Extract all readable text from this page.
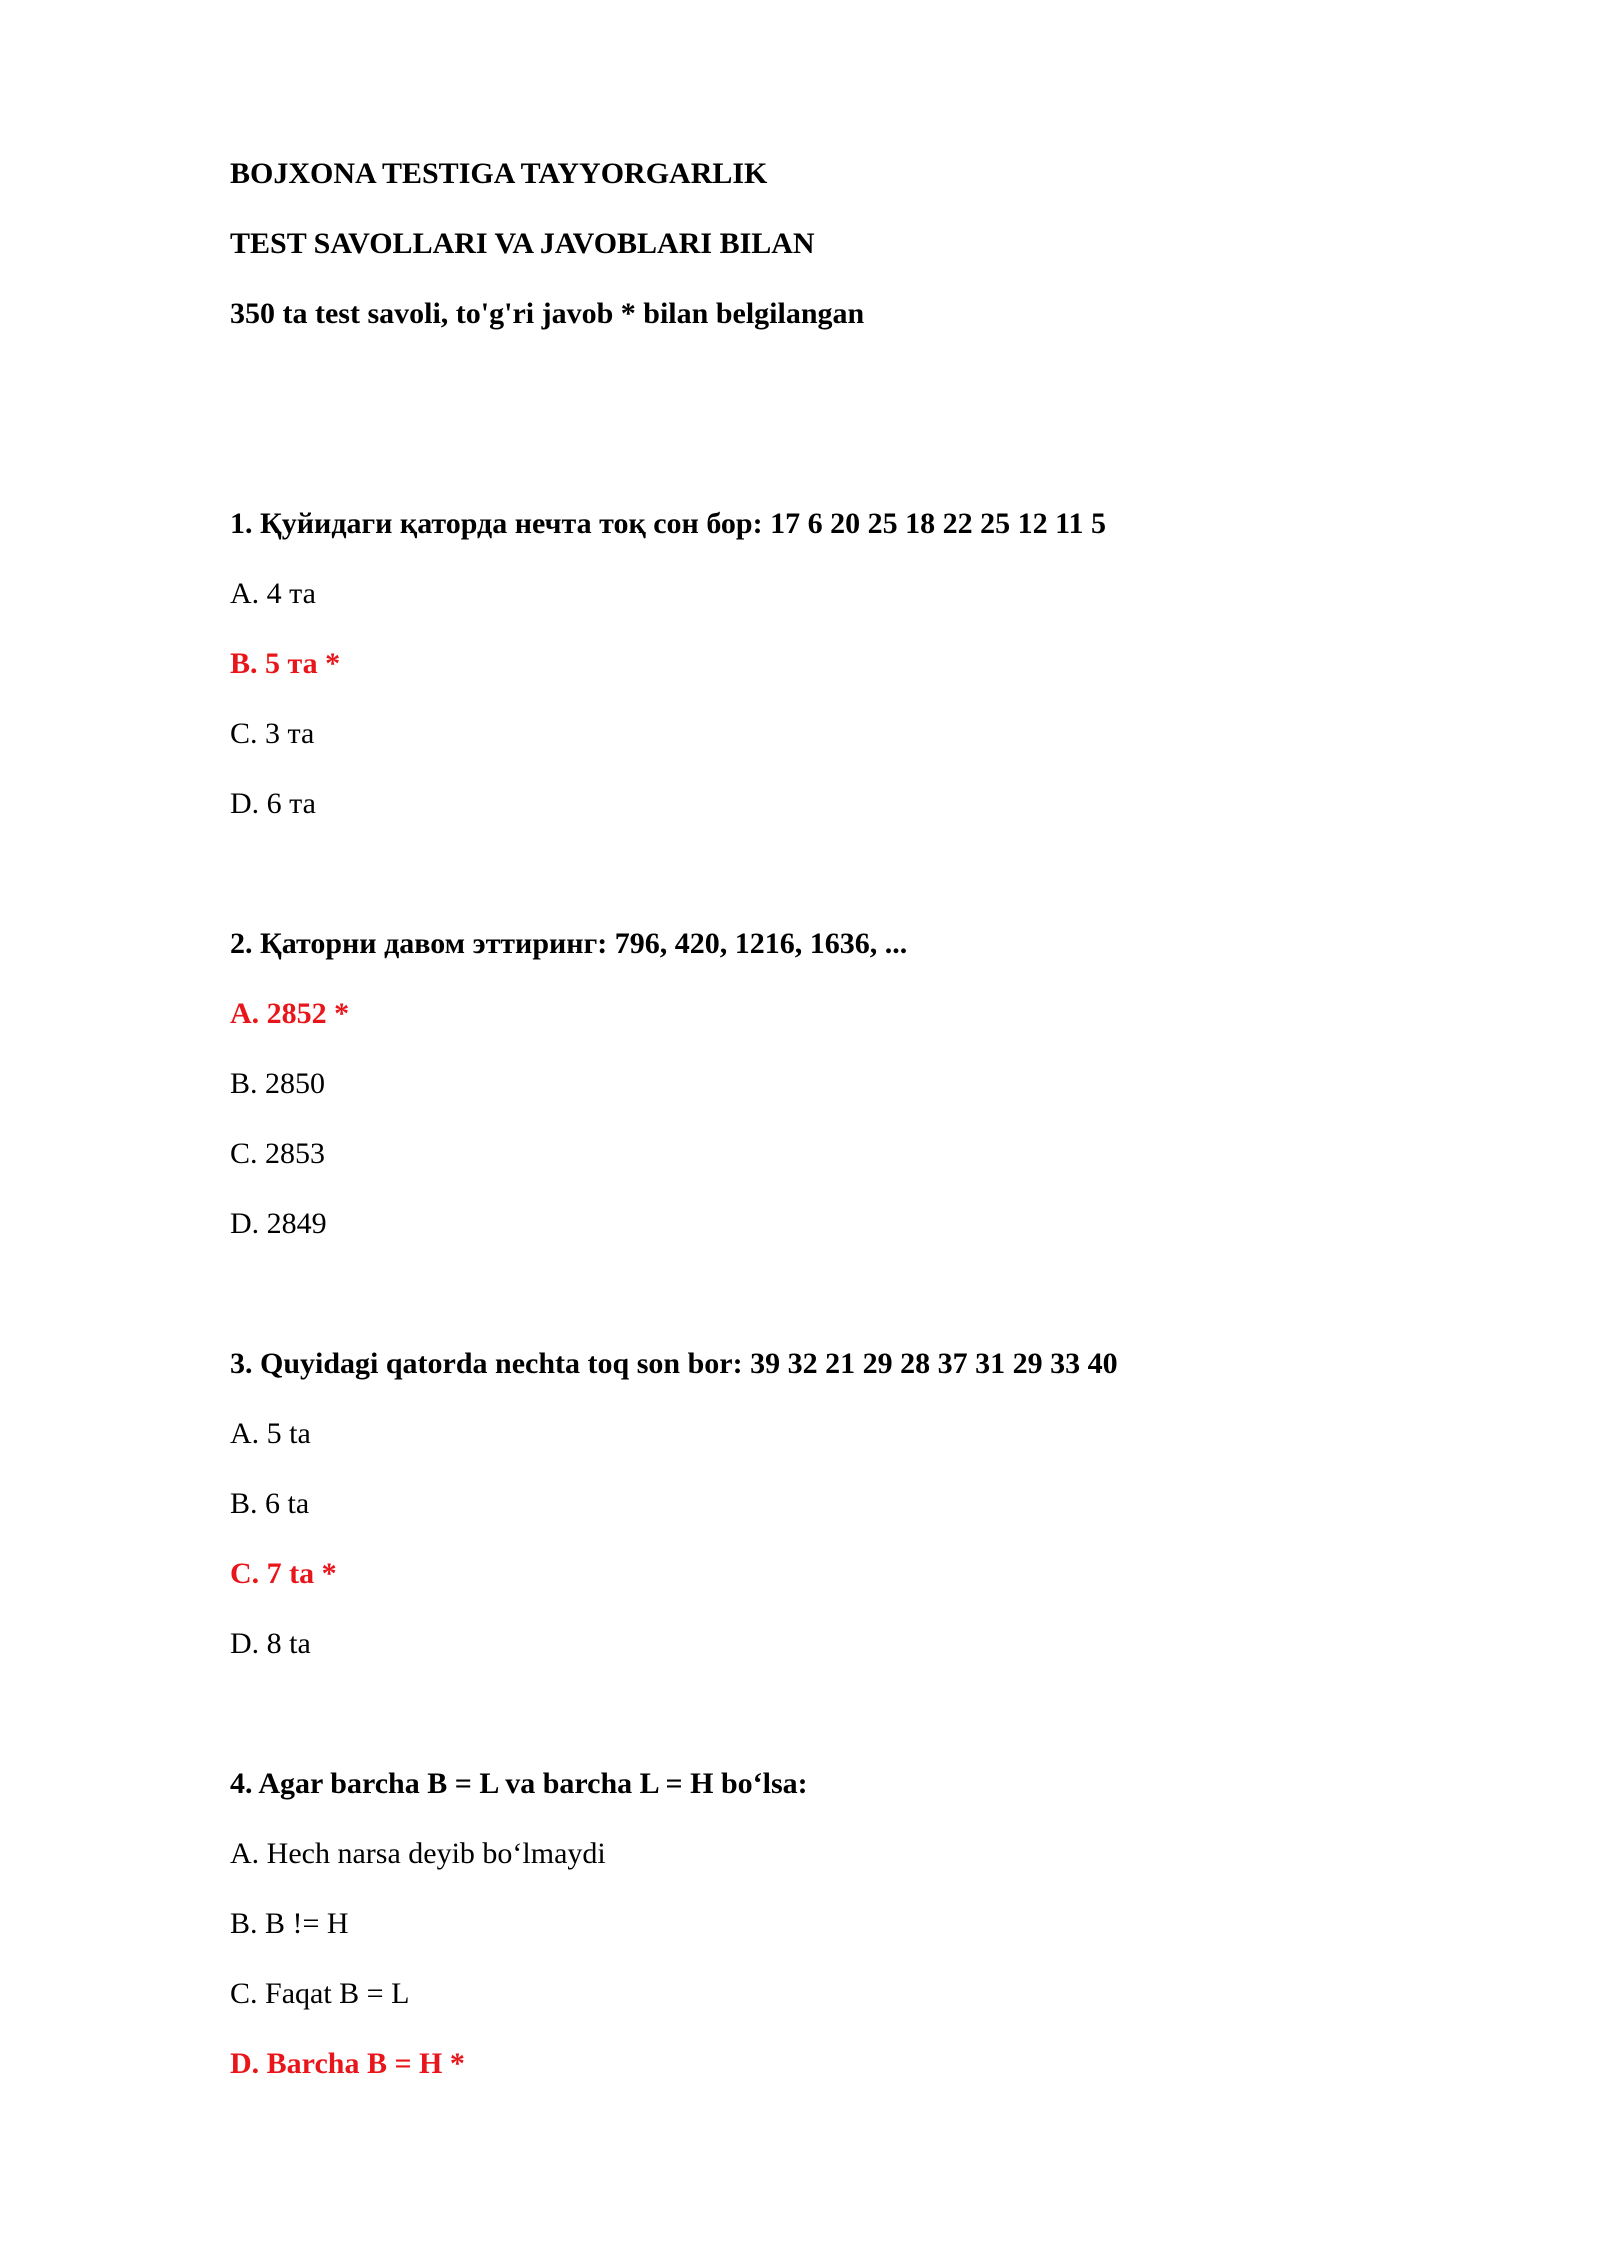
BOJXONA TESTIGA TAYYORGARLIK
TEST SAVOLLARI VA JAVOBLARI BILAN
350 ta test savoli, to'g'ri javob * bilan belgilangan
1. Қуйидаги қаторда нечта тоқ сон бор: 17 6 20 25 18 22 25 12 11 5
A. 4 та
B. 5 та *
C. 3 та
D. 6 та
2. Қаторни давом эттиринг: 796, 420, 1216, 1636, ...
A. 2852 *
B. 2850
C. 2853
D. 2849
3. Quyidagi qatorda nechta toq son bor: 39 32 21 29 28 37 31 29 33 40
A. 5 ta
B. 6 ta
C. 7 ta *
D. 8 ta
4. Agar barcha B = L va barcha L = H bo‘lsa:
A. Hech narsa deyib bo‘lmaydi
B. B != H
C. Faqat B = L
D. Barcha B = H *
